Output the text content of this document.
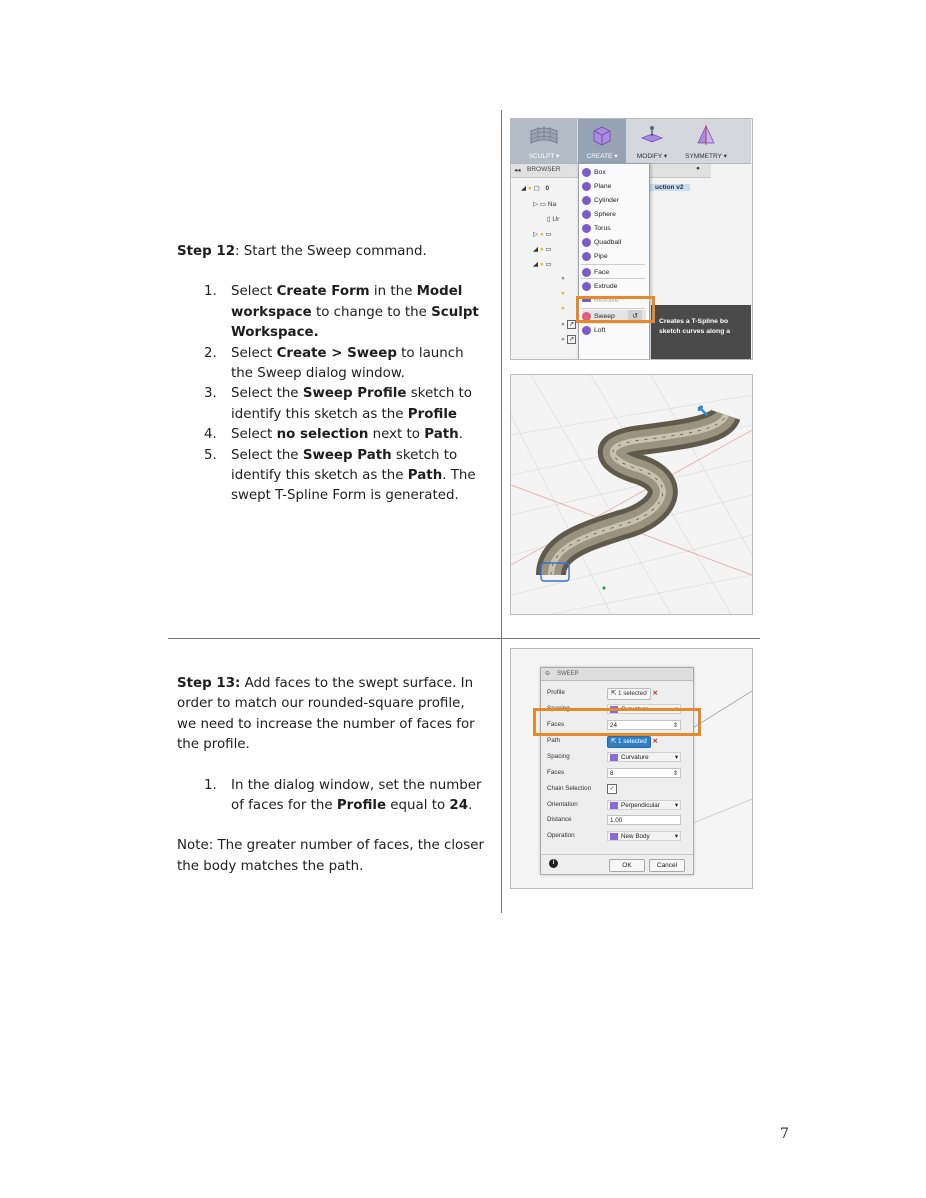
Step 12: Start the Sweep command.
1. Select Create Form in the Model workspace to change to the Sculpt Workspace.
2. Select Create > Sweep to launch the Sweep dialog window.
3. Select the Sweep Profile sketch to identify this sketch as the Profile
4. Select no selection next to Path.
5. Select the Sweep Path sketch to identify this sketch as the Path. The swept T-Spline Form is generated.
Step 13: Add faces to the swept surface. In order to match our rounded-square profile, we need to increase the number of faces for the profile.
1. In the dialog window, set the number of faces for the Profile equal to 24.
Note: The greater number of faces, the closer the body matches the path.
SCULPT ▾	CREATE ▾	MODIFY ▾	SYMMETRY ▾
◂◂ BROWSER	●
◢ ● ▢ 0	uction v2
▷ ▭ Na
▯ Ur
▷ ● ▭
◢ ● ▭
◢ ● ▭
●
●
●
● ↗
● ↗
Box
Plane
Cylinder
Sphere
Torus
Quadball
Pipe
Face
Extrude
Revolve
Sweep	↺
Loft
Creates a T-Spline bo sketch curves along a
⊖ SWEEP
Profile	⇱ 1 selected ✕
Spacing	Curvature	▾
Faces	24	⇕
Path	⇱ 1 selected ✕
Spacing	Curvature	▾
Faces	8	⇕
Chain Selection	✓
Orientation	Perpendicular ▾
Distance	1.00
Operation	New Body	▾
i	OK	Cancel
7
